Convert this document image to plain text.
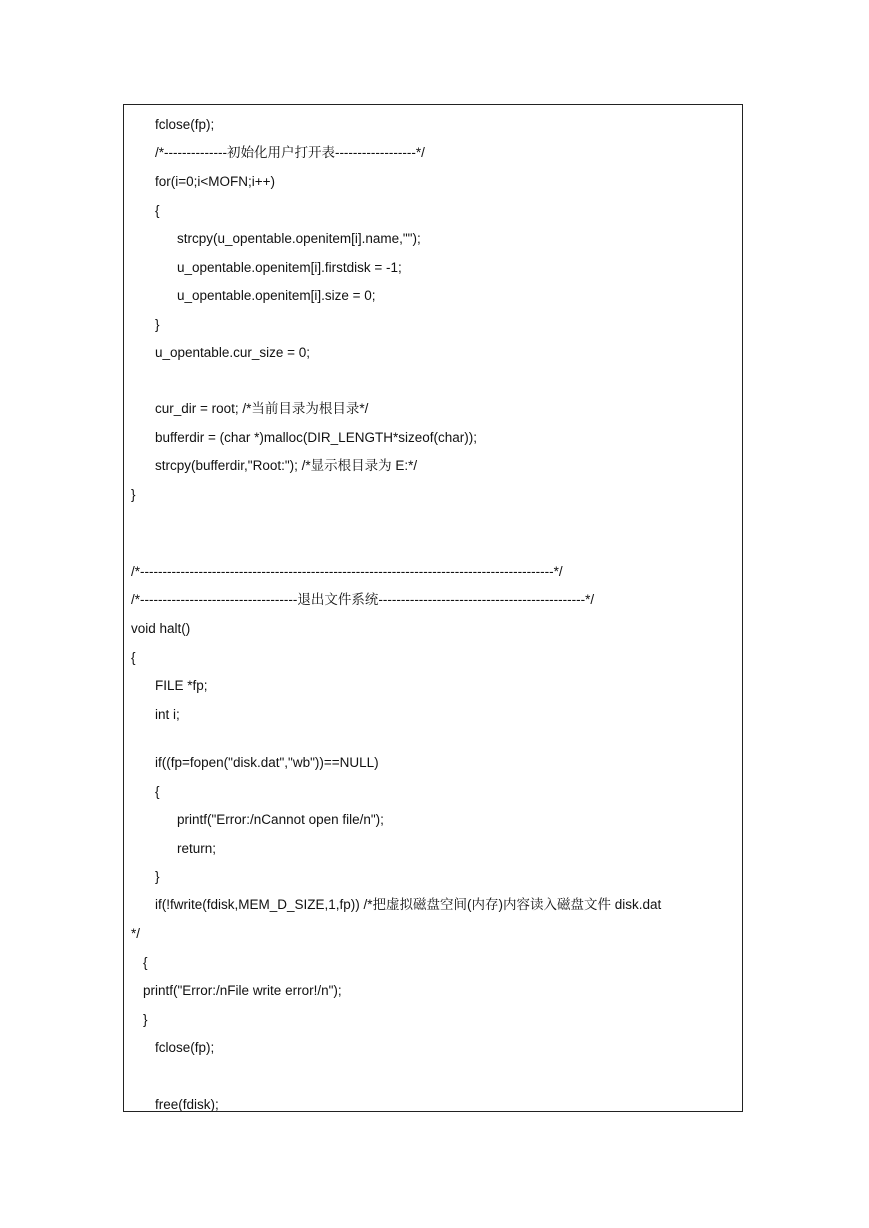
fclose(fp);
/*--------------初始化用户打开表------------------*/
for(i=0;i<MOFN;i++)
{
strcpy(u_opentable.openitem[i].name,"");
u_opentable.openitem[i].firstdisk = -1;
u_opentable.openitem[i].size = 0;
}
u_opentable.cur_size = 0;
cur_dir = root; /*当前目录为根目录*/
bufferdir = (char *)malloc(DIR_LENGTH*sizeof(char));
strcpy(bufferdir,"Root:"); /*显示根目录为 E:*/
}
/*--------------------------------------------------------------------------------------------*/
/*-----------------------------------退出文件系统----------------------------------------------*/
void halt()
{
FILE *fp;
int i;
if((fp=fopen("disk.dat","wb"))==NULL)
{
printf("Error:/nCannot open file/n");
return;
}
if(!fwrite(fdisk,MEM_D_SIZE,1,fp)) /*把虚拟磁盘空间(内存)内容读入磁盘文件 disk.dat
*/
{
printf("Error:/nFile write error!/n");
}
fclose(fp);
free(fdisk);
